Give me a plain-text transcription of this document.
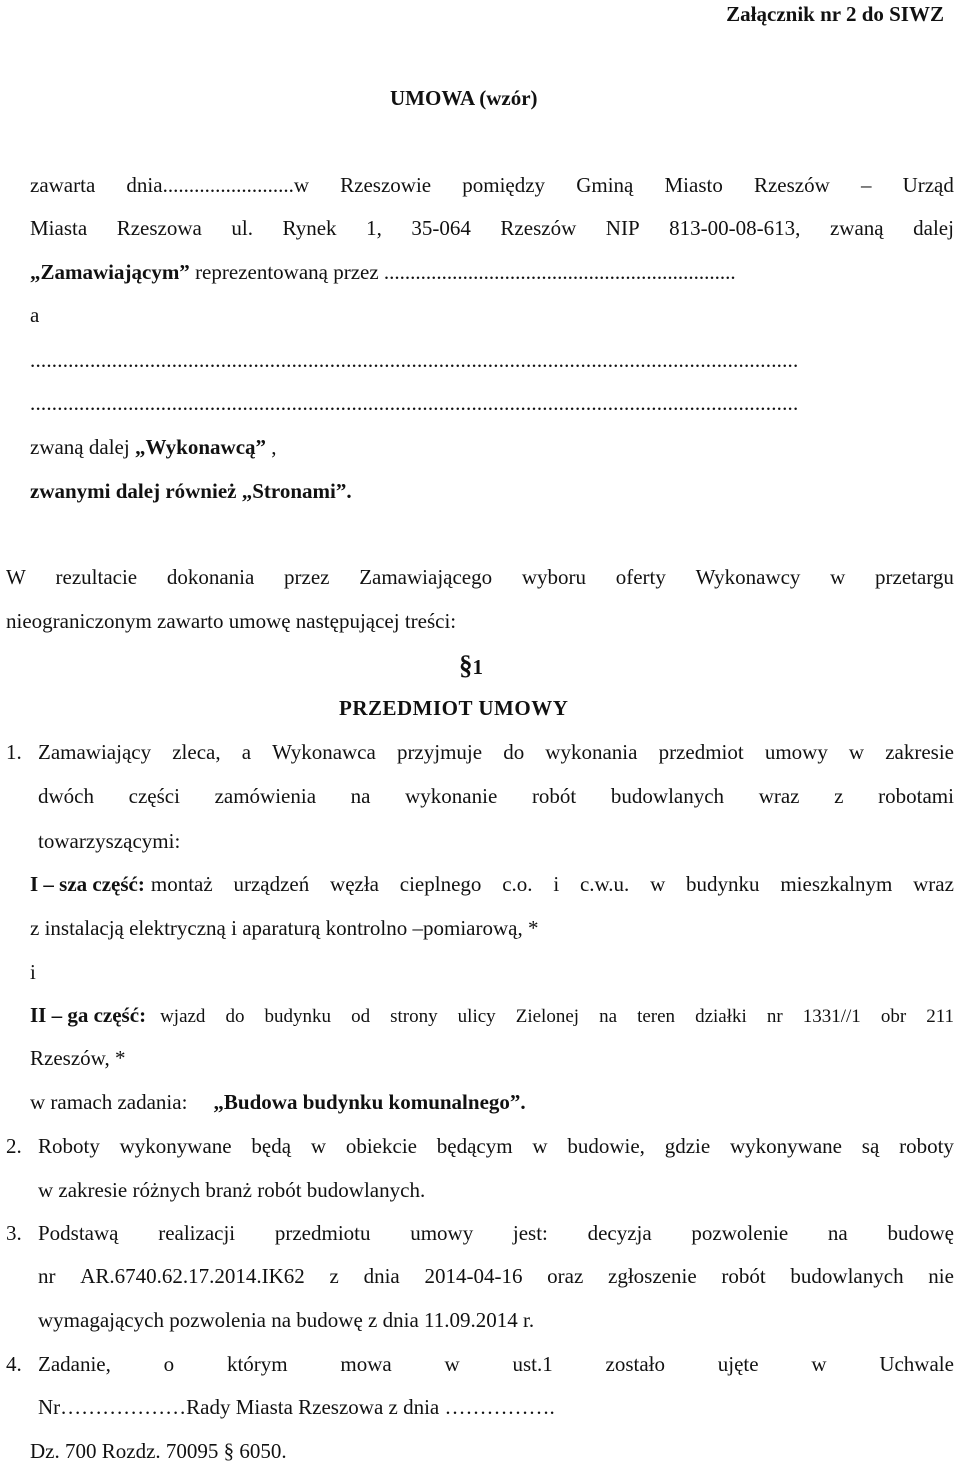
Załącznik nr 2 do SIWZ
UMOWA (wzór)
zawarta dnia.........................w Rzeszowie pomiędzy Gminą Miasto Rzeszów – Urząd
Miasta Rzeszowa ul. Rynek 1, 35-064 Rzeszów NIP 813-00-08-613, zwaną dalej
„Zamawiającym” reprezentowaną przez ...................................................................
a
.............................................................................................................................................
.............................................................................................................................................
zwaną dalej „Wykonawcą” ,
zwanymi dalej również „Stronami”.
W rezultacie dokonania przez Zamawiającego wyboru oferty Wykonawcy w przetargu
nieograniczonym zawarto umowę następującej treści:
§1
PRZEDMIOT UMOWY
1. Zamawiający zleca, a Wykonawca przyjmuje do wykonania przedmiot umowy w zakresie
dwóch części zamówienia na wykonanie robót budowlanych wraz z robotami
towarzyszącymi:
I – sza część : montaż urządzeń węzła cieplnego c.o. i c.w.u. w budynku mieszkalnym wraz
z instalacją elektryczną i aparaturą kontrolno –pomiarową, *
i
II – ga część : wjazd do budynku od strony ulicy Zielonej na teren działki nr 1331//1 obr 211
Rzeszów, *
w ramach zadania: „Budowa budynku komunalnego”.
2. Roboty wykonywane będą w obiekcie będącym w budowie, gdzie wykonywane są roboty
w zakresie różnych branż robót budowlanych.
3. Podstawą realizacji przedmiotu umowy jest: decyzja pozwolenie na budowę
nr AR.6740.62.17.2014.IK62 z dnia 2014-04-16 oraz zgłoszenie robót budowlanych nie
wymagających pozwolenia na budowę z dnia 11.09.2014 r.
4. Zadanie,	o	którym	mowa	w	ust.1	zostało	ujęte	w	Uchwale
Nr………………Rady Miasta Rzeszowa z dnia …………….
Dz. 700 Rozdz. 70095 § 6050.
